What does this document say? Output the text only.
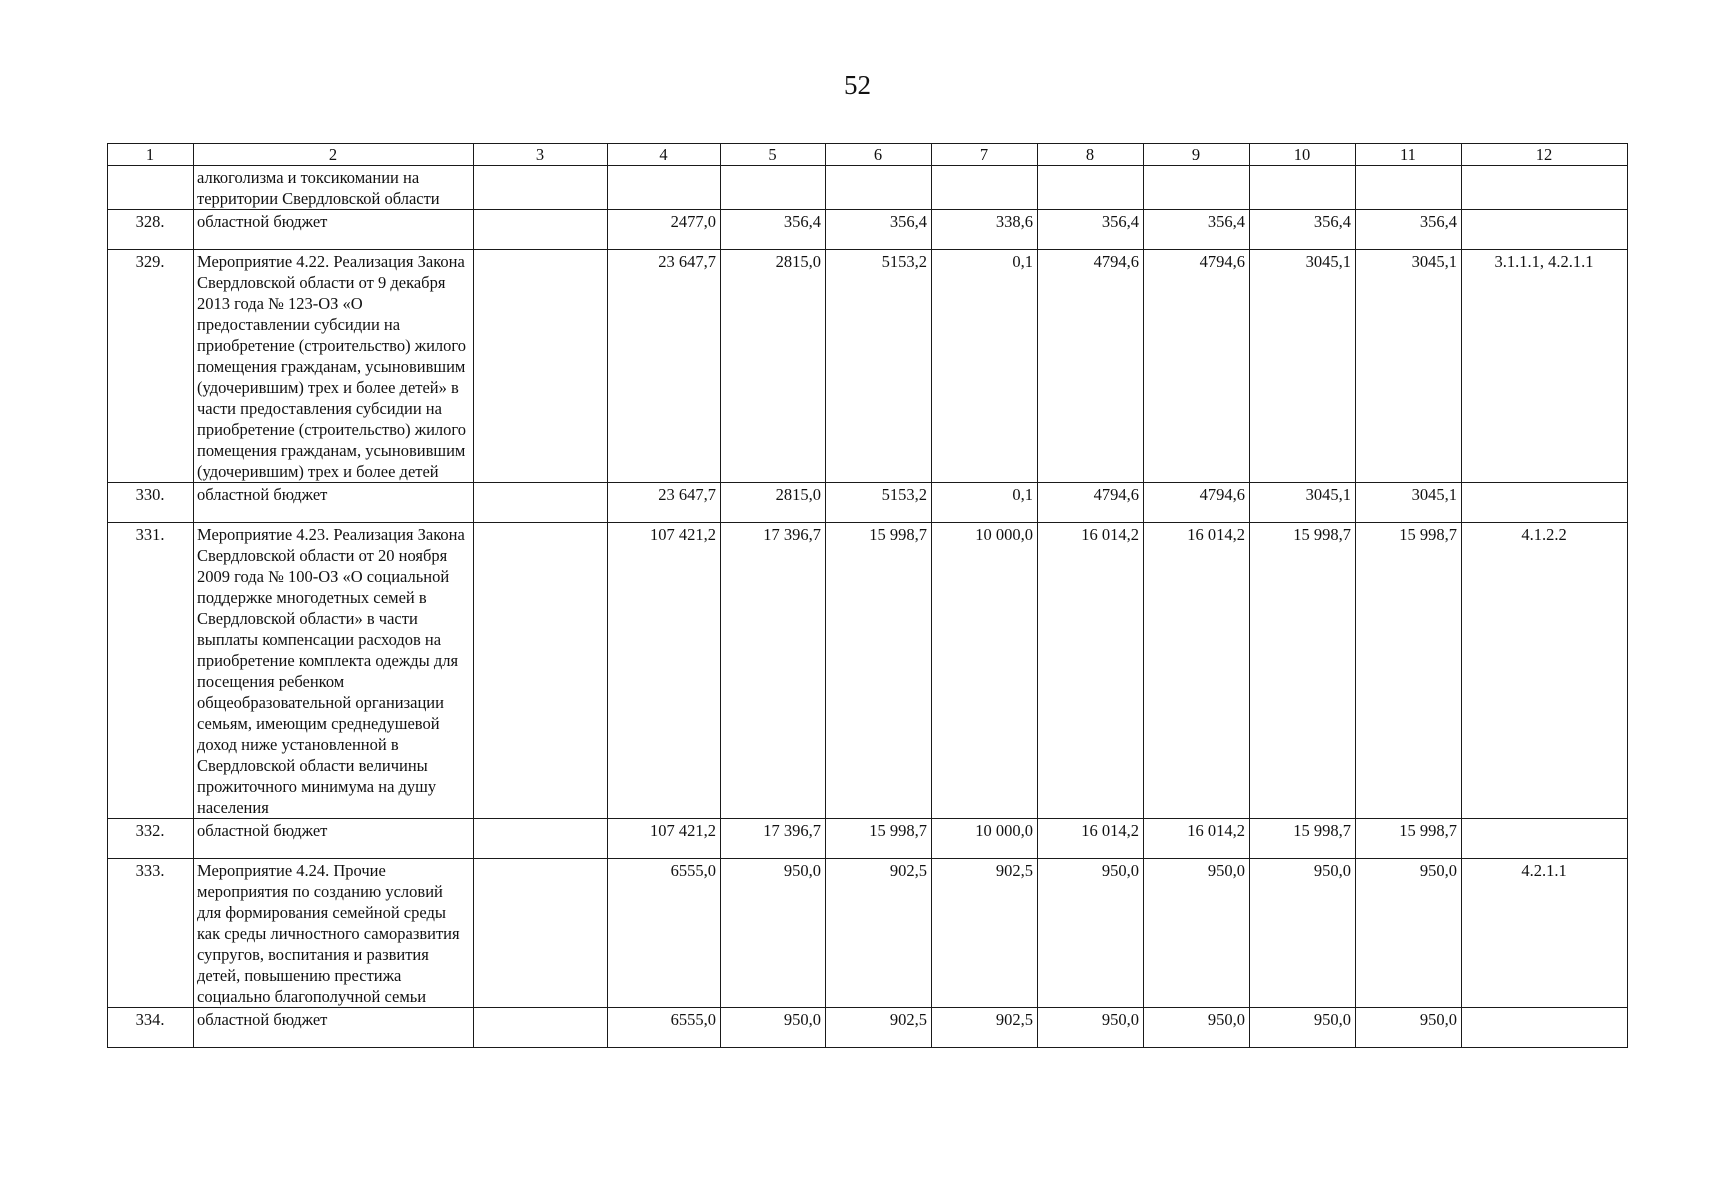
52
1	2	3	4	5	6	7	8	9	10	11	12
	алкоголизма и токсикомании на территории Свердловской области										
328.	областной бюджет		2477,0	356,4	356,4	338,6	356,4	356,4	356,4	356,4	
329.	Мероприятие 4.22. Реализация Закона Свердловской области от 9 декабря 2013 года № 123-ОЗ «О предоставлении субсидии на приобретение (строительство) жилого помещения гражданам, усыновившим (удочерившим) трех и более детей» в части предоставления субсидии на приобретение (строительство) жилого помещения гражданам, усыновившим (удочерившим) трех и более детей		23 647,7	2815,0	5153,2	0,1	4794,6	4794,6	3045,1	3045,1	3.1.1.1, 4.2.1.1
330.	областной бюджет		23 647,7	2815,0	5153,2	0,1	4794,6	4794,6	3045,1	3045,1	
331.	Мероприятие 4.23. Реализация Закона Свердловской области от 20 ноября 2009 года № 100-ОЗ «О социальной поддержке многодетных семей в Свердловской области» в части выплаты компенсации расходов на приобретение комплекта одежды для посещения ребенком общеобразовательной организации семьям, имеющим среднедушевой доход ниже установленной в Свердловской области величины прожиточного минимума на душу населения		107 421,2	17 396,7	15 998,7	10 000,0	16 014,2	16 014,2	15 998,7	15 998,7	4.1.2.2
332.	областной бюджет		107 421,2	17 396,7	15 998,7	10 000,0	16 014,2	16 014,2	15 998,7	15 998,7	
333.	Мероприятие 4.24. Прочие мероприятия по созданию условий для формирования семейной среды как среды личностного саморазвития супругов, воспитания и развития детей, повышению престижа социально благополучной семьи		6555,0	950,0	902,5	902,5	950,0	950,0	950,0	950,0	4.2.1.1
334.	областной бюджет		6555,0	950,0	902,5	902,5	950,0	950,0	950,0	950,0	
